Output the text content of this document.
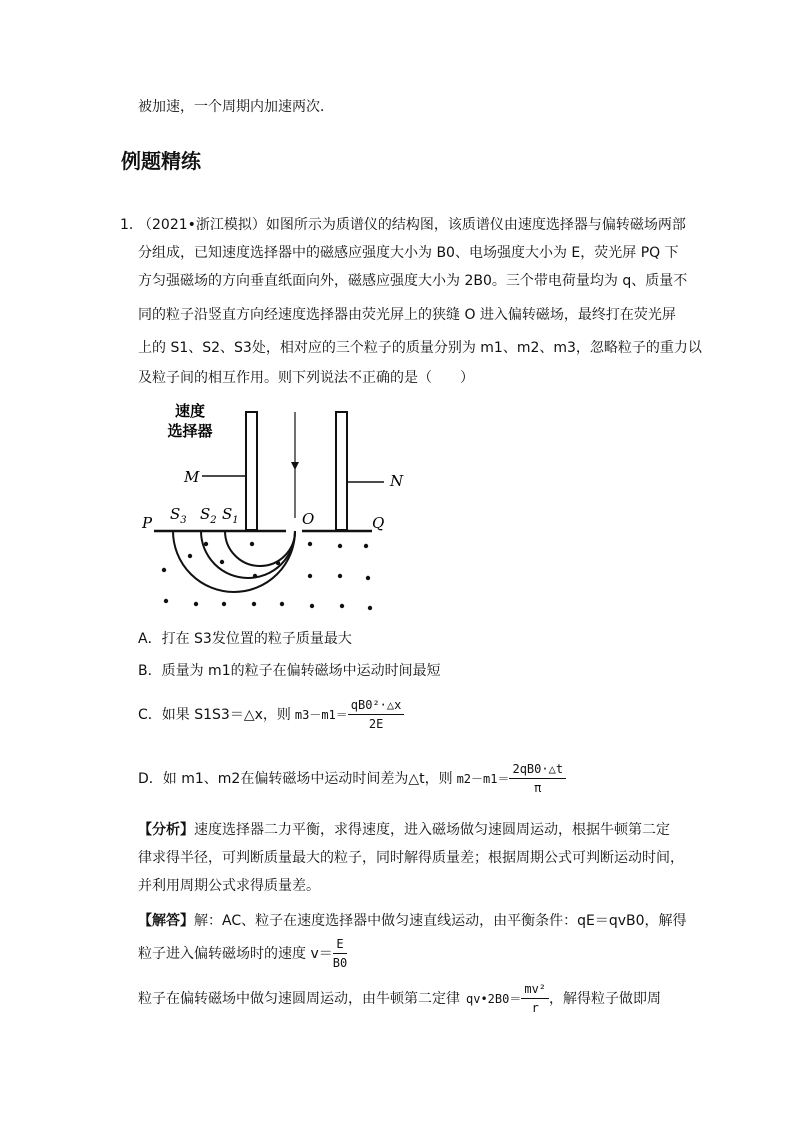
被加速，一个周期内加速两次．
例题精练
1．
（2021•浙江模拟）如图所示为质谱仪的结构图，该质谱仪由速度选择器与偏转磁场两部
分组成，已知速度选择器中的磁感应强度大小为 B0、电场强度大小为 E，荧光屏 PQ 下
方匀强磁场的方向垂直纸面向外，磁感应强度大小为 2B0。三个带电荷量均为 q、质量不
同的粒子沿竖直方向经速度选择器由荧光屏上的狭缝 O 进入偏转磁场，最终打在荧光屏
上的 S1、S2、S3处，相对应的三个粒子的质量分别为 m1、m2、m3，忽略粒子的重力以
及粒子间的相互作用。则下列说法不正确的是（　　）
速度
选择器
M	N
P	Q
O
$S_3$ $S_2$ $S_1$
A．打在 S3发位置的粒子质量最大
B．质量为 m1的粒子在偏转磁场中运动时间最短
C．如果 S1S3＝△x，则 $m3-m1= \frac{\text{qB0²·△x}}{2E}$
D．如 m1、m2在偏转磁场中运动时间差为△t，则 $m2-m1= \frac{2qB0\cdot\triangle t}{\pi}$
【分析】速度选择器二力平衡，求得速度，进入磁场做匀速圆周运动，根据牛顿第二定
律求得半径，可判断质量最大的粒子，同时解得质量差；根据周期公式可判断运动时间，
并利用周期公式求得质量差。
【解答】解：AC、粒子在速度选择器中做匀速直线运动，由平衡条件：qE＝qvB0，解得
粒子进入偏转磁场时的速度 $v= \frac{E}{B0}$
粒子在偏转磁场中做匀速圆周运动，由牛顿第二定律 qv•2B0＝ $\frac{\text{mv²}}{r}$ ，解得粒子做即周
